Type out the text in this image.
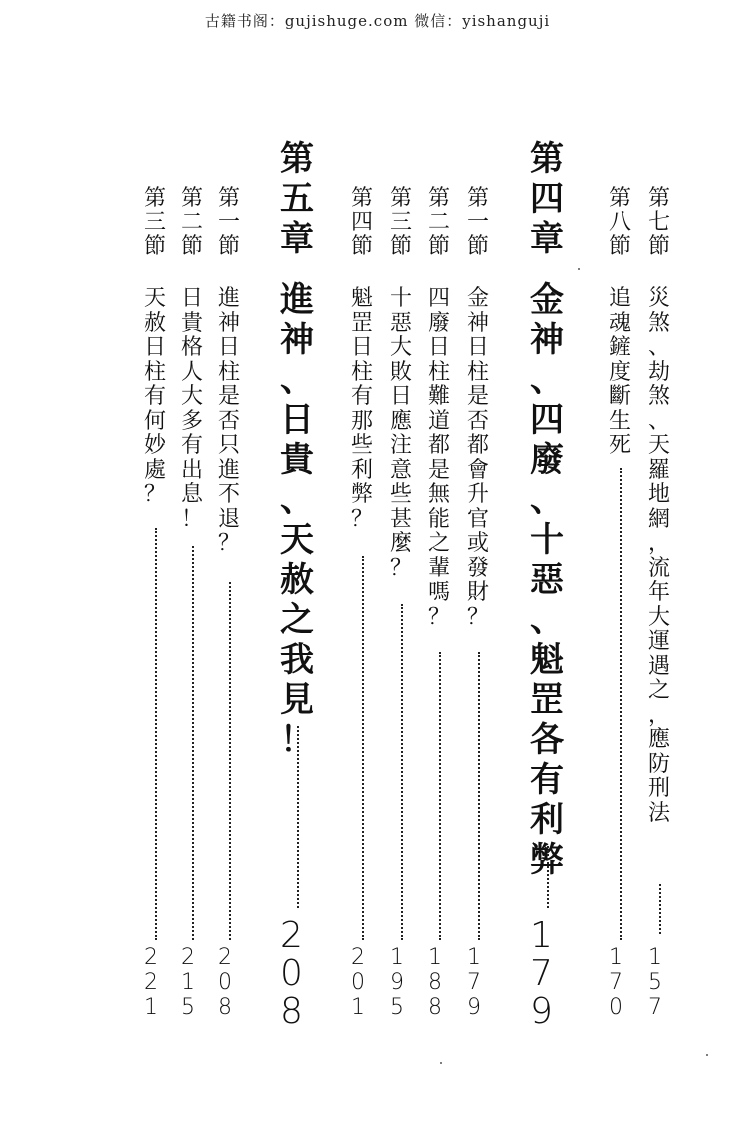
古籍书阁：gujishuge.com 微信：yishanguji
第
七
節
災
煞
、
劫
煞
、
天
羅
地
網
，
流
年
大
運
遇
之
，
應
防
刑
法
1
5
7
第
八
節
追
魂
鏟
度
斷
生
死
1
7
0
第
四
章
金
神
、
四
廢
、
十
惡
、
魁
罡
各
有
利
弊
1
7
9
第
一
節
金
神
日
柱
是
否
都
會
升
官
或
發
財
？
1
7
9
第
二
節
四
廢
日
柱
難
道
都
是
無
能
之
輩
嗎
？
1
8
8
第
三
節
十
惡
大
敗
日
應
注
意
些
甚
麼
？
1
9
5
第
四
節
魁
罡
日
柱
有
那
些
利
弊
？
2
0
1
第
五
章
進
神
、
日
貴
、
天
赦
之
我
見
！
2
0
8
第
一
節
進
神
日
柱
是
否
只
進
不
退
？
2
0
8
第
二
節
日
貴
格
人
大
多
有
出
息
！
2
1
5
第
三
節
天
赦
日
柱
有
何
妙
處
？
2
2
1
